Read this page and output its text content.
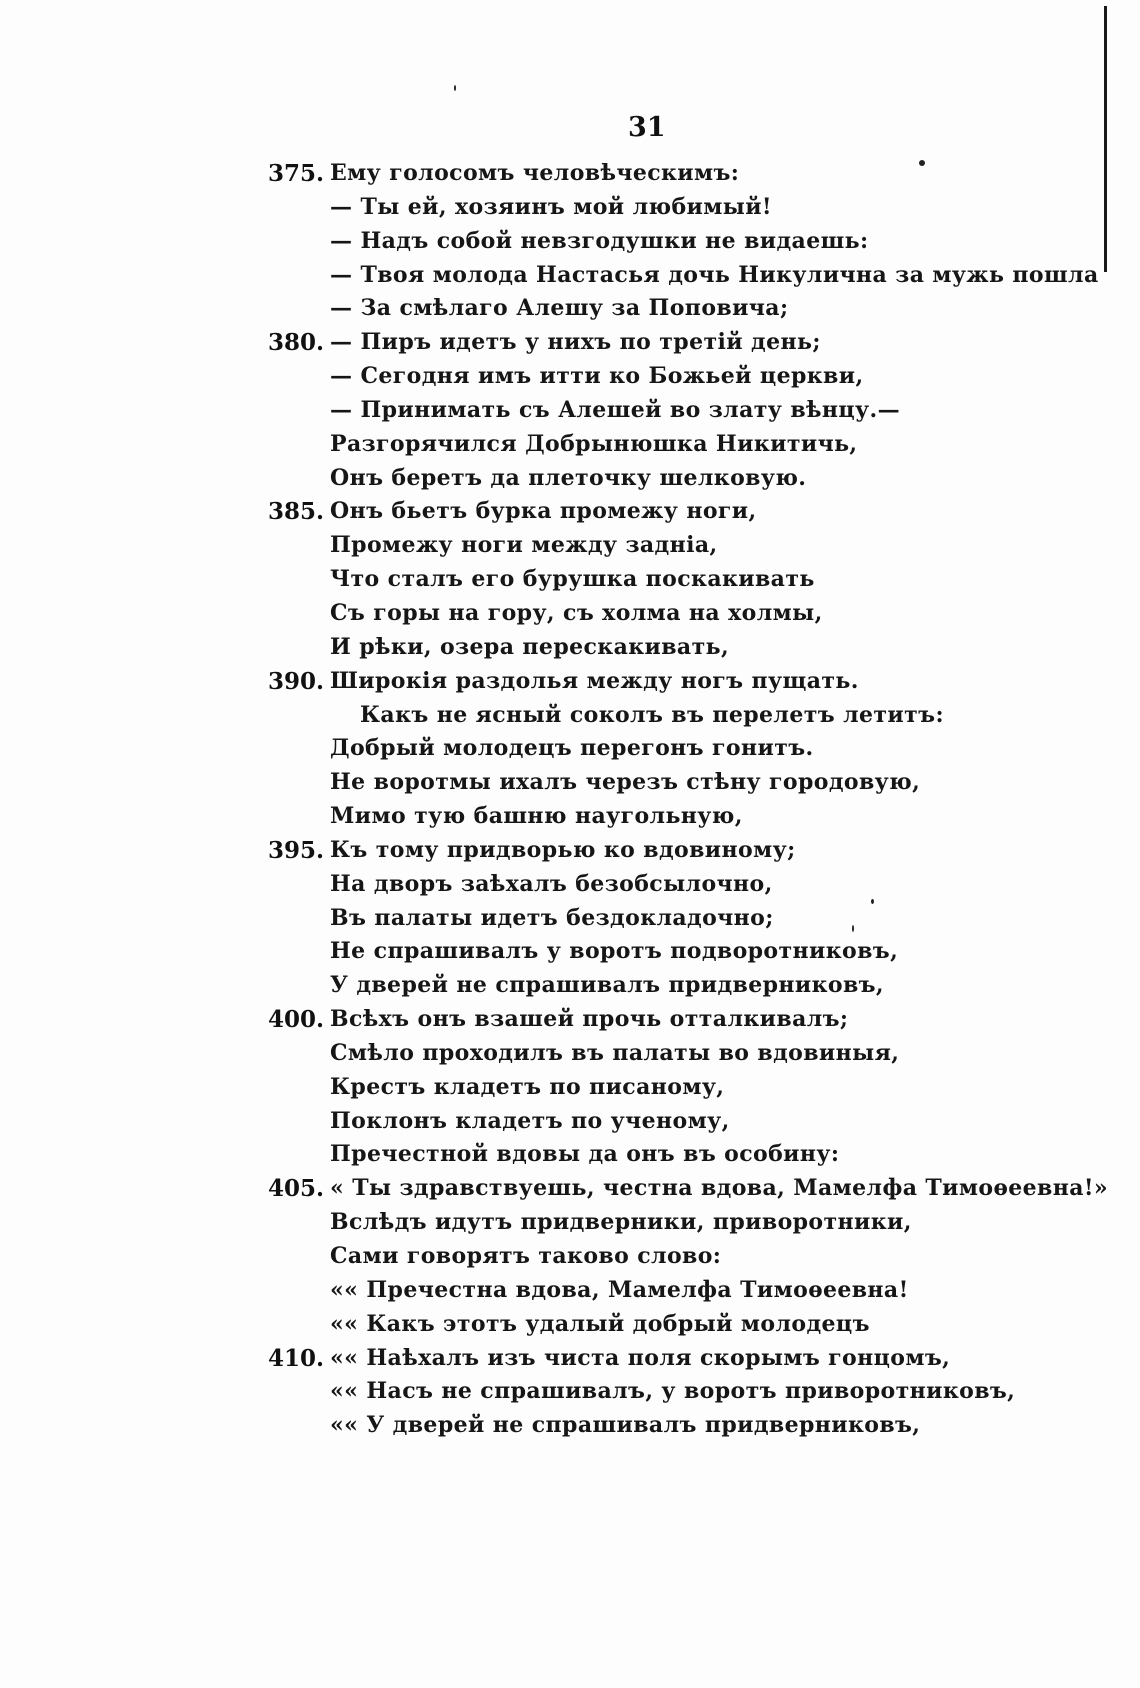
31
375. Ему голосомъ человѣческимъ:
— Ты ей, хозяинъ мой любимый!
— Надъ собой невзгодушки не видаешь:
— Твоя молода Настасья дочь Никулична за мужь пошла
— За смѣлаго Алешу за Поповича;
380. — Пиръ идетъ у нихъ по третій день;
— Сегодня имъ итти ко Божьей церкви,
— Принимать съ Алешей во злату вѣнцу.—
Разгорячился Добрынюшка Никитичь,
Онъ беретъ да плеточку шелковую.
385. Онъ бьетъ бурка промежу ноги,
Промежу ноги между задніа,
Что сталъ его бурушка поскакивать
Съ горы на гору, съ холма на холмы,
И рѣки, озера перескакивать,
390. Широкія раздолья между ногъ пущать.
Какъ не ясный соколъ въ перелетъ летитъ:
Добрый молодецъ перегонъ гонитъ.
Не воротмы ихалъ черезъ стѣну городовую,
Мимо тую башню наугольную,
395. Къ тому придворью ко вдовиному;
На дворъ заѣхалъ безобсылочно,
Въ палаты идетъ бездокладочно;
Не спрашивалъ у воротъ подворотниковъ,
У дверей не спрашивалъ придверниковъ,
400. Всѣхъ онъ взашей прочь отталкивалъ;
Смѣло проходилъ въ палаты во вдовиныя,
Крестъ кладетъ по писаному,
Поклонъ кладетъ по ученому,
Пречестной вдовы да онъ въ особину:
405. « Ты здравствуешь, честна вдова, Мамелфа Тимоѳеевна!»
Вслѣдъ идутъ придверники, приворотники,
Сами говорятъ таково слово:
«« Пречестна вдова, Мамелфа Тимоѳеевна!
«« Какъ этотъ удалый добрый молодецъ
410. «« Наѣхалъ изъ чиста поля скорымъ гонцомъ,
«« Насъ не спрашивалъ, у воротъ приворотниковъ,
«« У дверей не спрашивалъ придверниковъ,
